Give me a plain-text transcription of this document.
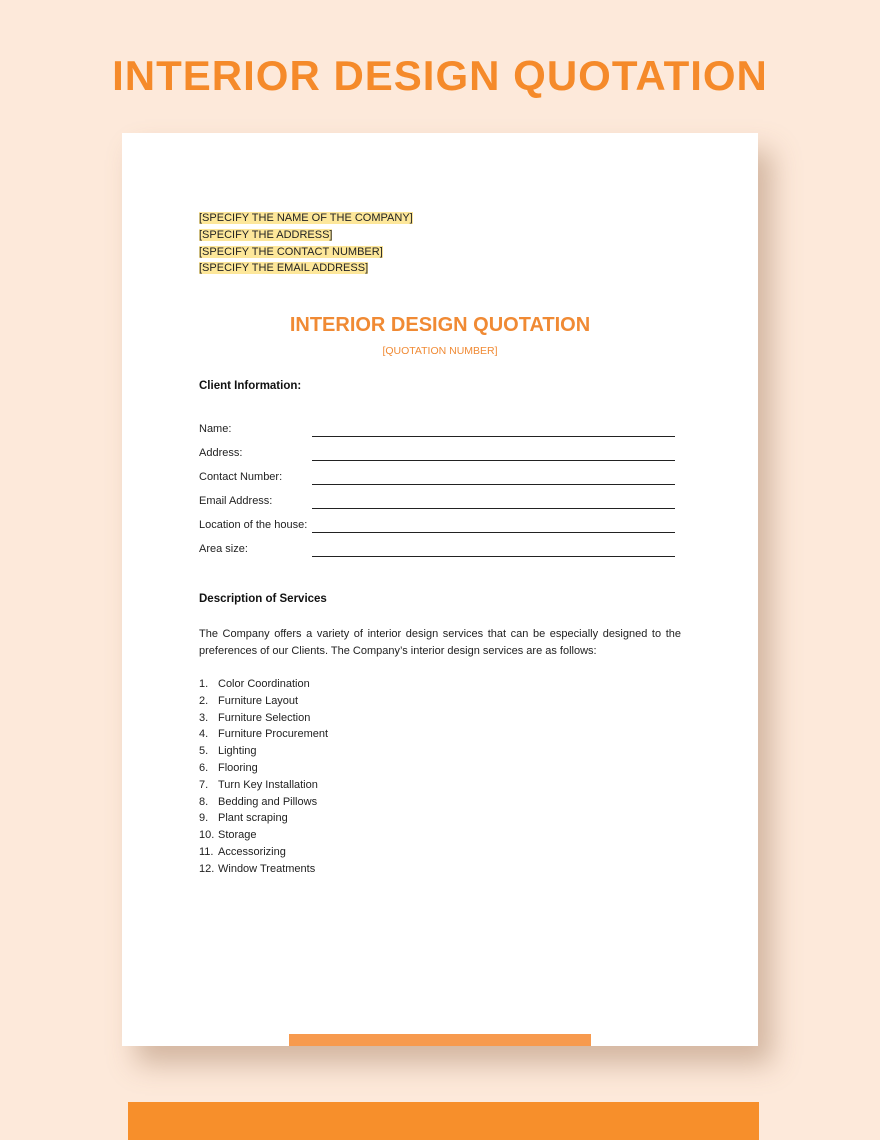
INTERIOR DESIGN QUOTATION
[SPECIFY THE NAME OF THE COMPANY]
[SPECIFY THE ADDRESS]
[SPECIFY THE CONTACT NUMBER]
[SPECIFY THE EMAIL ADDRESS]
INTERIOR DESIGN QUOTATION
[QUOTATION NUMBER]
Client Information:
Name:
Address:
Contact Number:
Email Address:
Location of the house:
Area size:
Description of Services
The Company offers a variety of interior design services that can be especially designed to the preferences of our Clients. The Company’s interior design services are as follows:
1. Color Coordination
2. Furniture Layout
3. Furniture Selection
4. Furniture Procurement
5. Lighting
6. Flooring
7. Turn Key Installation
8. Bedding and Pillows
9. Plant scraping
10. Storage
11. Accessorizing
12. Window Treatments
